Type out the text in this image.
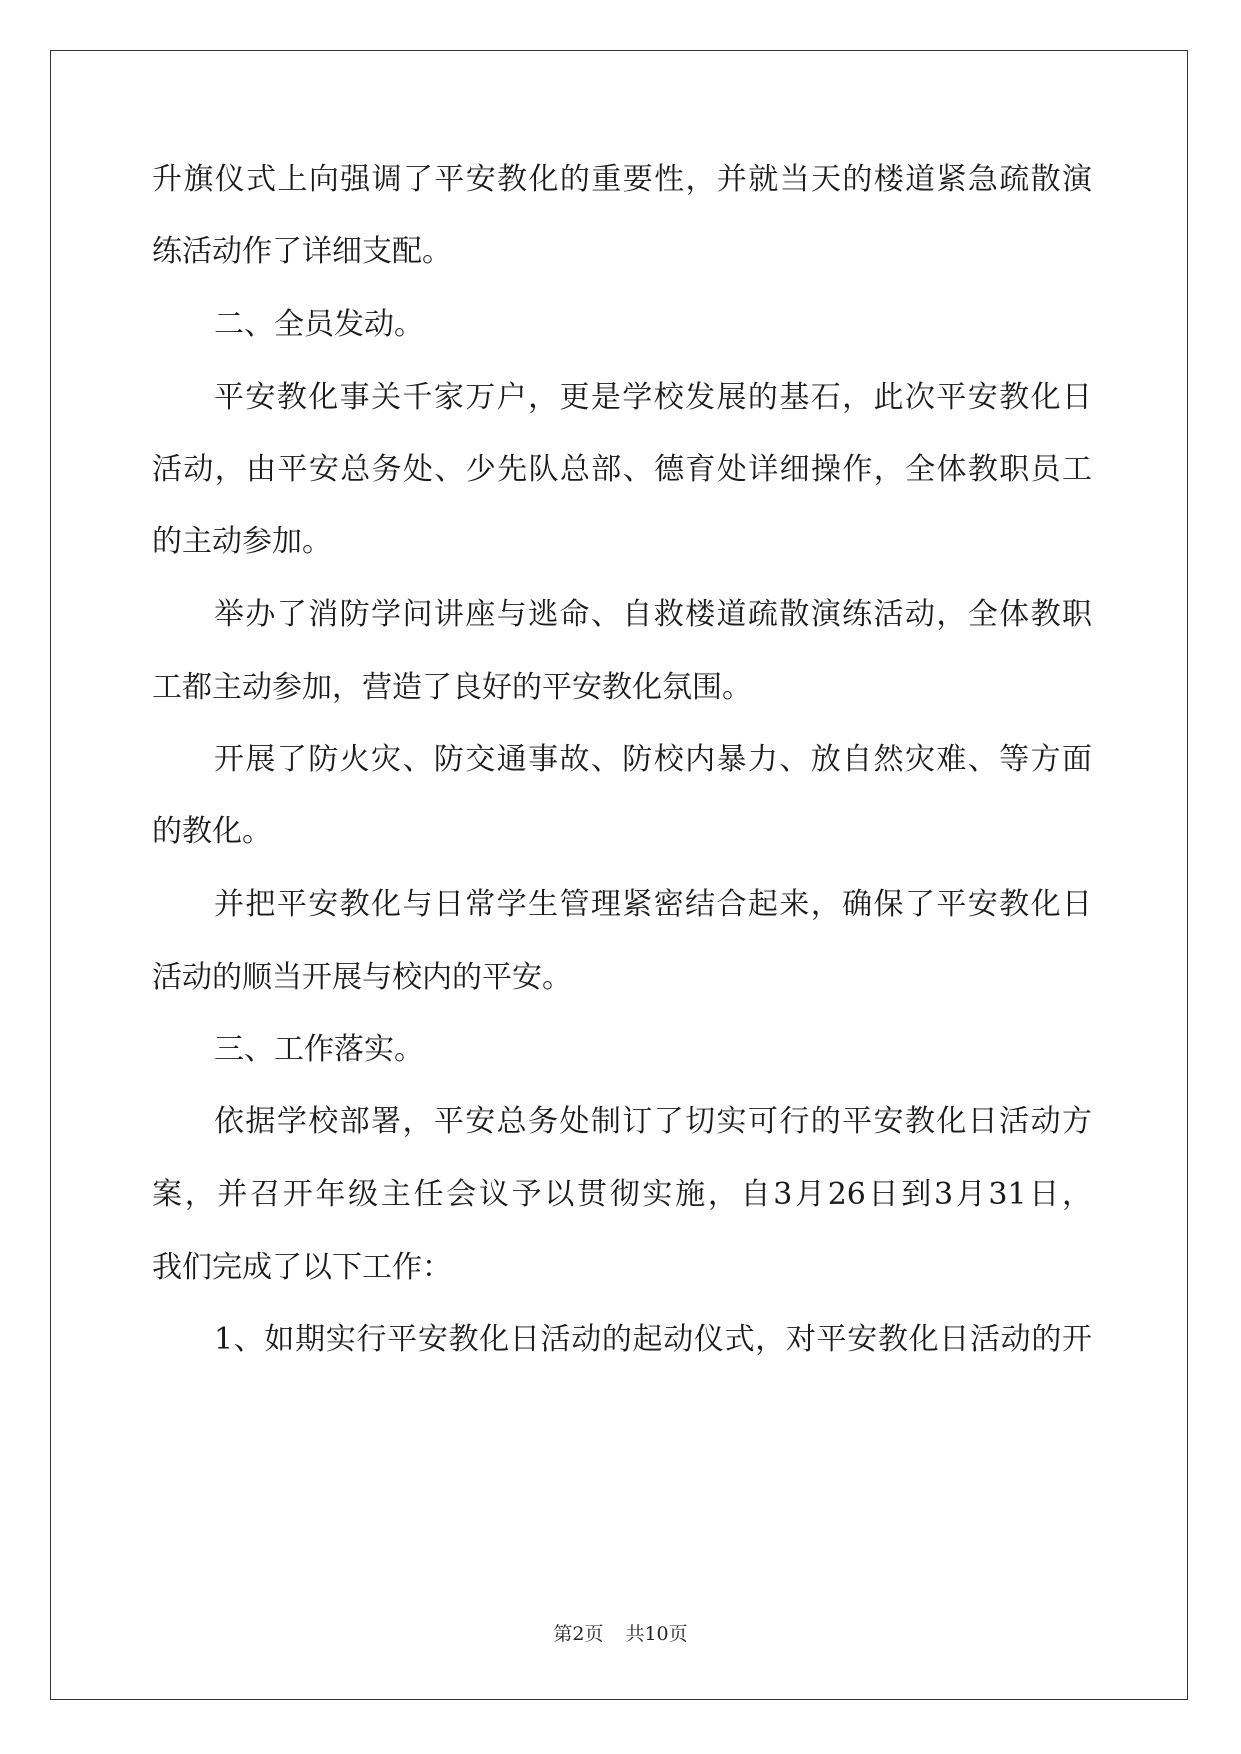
升旗仪式上向强调了平安教化的重要性，并就当天的楼道紧急疏散演
练活动作了详细支配。
二、全员发动。
平安教化事关千家万户，更是学校发展的基石，此次平安教化日
活动，由平安总务处、少先队总部、德育处详细操作，全体教职员工
的主动参加。
举办了消防学问讲座与逃命、自救楼道疏散演练活动，全体教职
工都主动参加，营造了良好的平安教化氛围。
开展了防火灾、防交通事故、防校内暴力、放自然灾难、等方面
的教化。
并把平安教化与日常学生管理紧密结合起来，确保了平安教化日
活动的顺当开展与校内的平安。
三、工作落实。
依据学校部署，平安总务处制订了切实可行的平安教化日活动方
案，并召开年级主任会议予以贯彻实施，自3月26日到3月31日，
我们完成了以下工作：
1、如期实行平安教化日活动的起动仪式，对平安教化日活动的开
第2页 共10页
